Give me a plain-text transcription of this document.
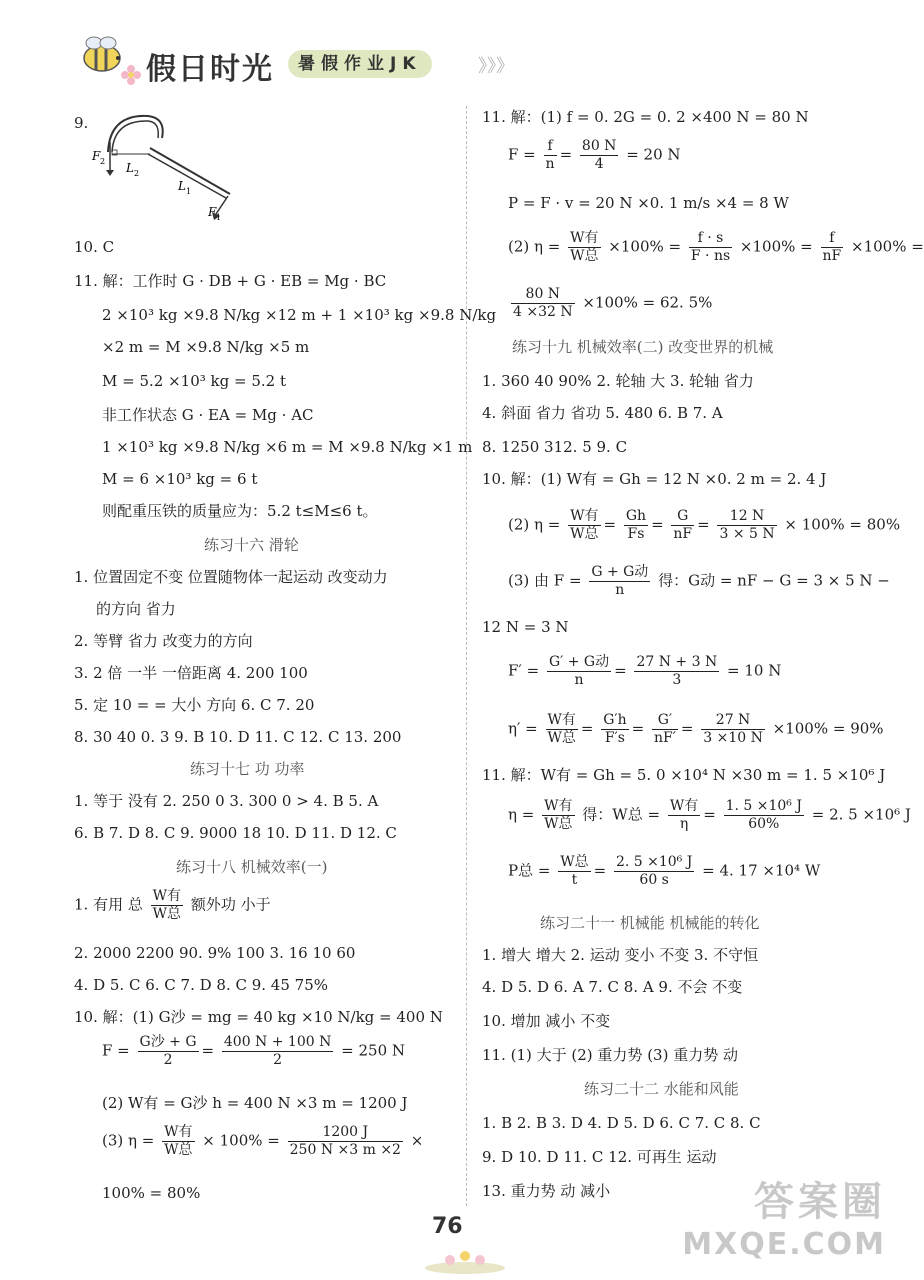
假日时光	暑假作业JK	》》》
9.
F 2 L 2
L 1
F 1
10. C
11. 解：工作时 G · DB + G · EB = Mg · BC
2 ×10³ kg ×9.8 N/kg ×12 m + 1 ×10³ kg ×9.8 N/kg
×2 m = M ×9.8 N/kg ×5 m
M = 5.2 ×10³ kg = 5.2 t
非工作状态 G · EA = Mg · AC
1 ×10³ kg ×9.8 N/kg ×6 m = M ×9.8 N/kg ×1 m
M = 6 ×10³ kg = 6 t
则配重压铁的质量应为：5.2 t≤M≤6 t。
练习十六 滑轮
1. 位置固定不变 位置随物体一起运动 改变动力
的方向 省力
2. 等臂 省力 改变力的方向
3. 2 倍 一半 一倍距离 4. 200 100
5. 定 10 = = 大小 方向 6. C 7. 20
8. 30 40 0. 3 9. B 10. D 11. C 12. C 13. 200
练习十七 功 功率
1. 等于 没有 2. 250 0 3. 300 0 > 4. B 5. A
6. B 7. D 8. C 9. 9000 18 10. D 11. D 12. C
练习十八 机械效率(一)
1. 有用 总 $\frac{\text{W有}}{\text{W总}}$ 额外功 小于
2. 2000 2200 90. 9% 100 3. 16 10 60
4. D 5. C 6. C 7. D 8. C 9. 45 75%
10. 解：(1) G沙 = mg = 40 kg ×10 N/kg = 400 N
$F = \frac{\text{G沙 + G}}{2} = \frac{400 N + 100 N}{2} = 250$ N
(2) W有 = G沙 h = 400 N ×3 m = 1200 J
(3) $\eta = \frac{\text{W有}}{\text{W总}} \times 100\% = \frac{1200 J}{250 N \times 3 m \times 2}$ ×
100% = 80%
11. 解：(1) f = 0. 2G = 0. 2 ×400 N = 80 N
$F = \frac{f}{n} = \frac{80 N}{4} = 20$ N
P = F · v = 20 N ×0. 1 m/s ×4 = 8 W
(2) $\eta = \frac{\text{W有}}{\text{W总}} \times 100\% = \frac{f \cdot s}{F \cdot ns} \times 100\% = \frac{f}{nF} \times 100\%$ =
$\frac{80 N}{4 \times 32 N} \times 100\% = 62$. 5%
练习十九 机械效率(二) 改变世界的机械
1. 360 40 90% 2. 轮轴 大 3. 轮轴 省力
4. 斜面 省力 省功 5. 480 6. B 7. A
8. 1250 312. 5 9. C
10. 解：(1) W有 = Gh = 12 N ×0. 2 m = 2. 4 J
(2) $\eta = \frac{\text{W有}}{\text{W总}} = \frac{Gh}{Fs} = \frac{G}{nF} = \frac{12 N}{3 \times 5 N} \times 100\% = 80\%$
(3) 由 $F = \frac{\text{G + G动}}{n}$ 得：G动 = nF − G = 3 × 5 N −
12 N = 3 N
$F' = \frac{\text{G′ + G动}}{n} = \frac{27 N + 3 N}{3} = 10$ N
$\eta' = \frac{\text{W有}}{\text{W总}} = \frac{G'h}{F's} = \frac{G'}{nF'} = \frac{27 N}{3 \times 10 N} \times 100\% = 90\%$
11. 解：W有 = Gh = 5. 0 ×10⁴ N ×30 m = 1. 5 ×10⁶ J
$\eta = \frac{\text{W有}}{\text{W总}}$ 得：W总 = $\frac{\text{W有}}{\eta} = \frac{\text{1. 5 ×10⁶ J}}{60\%} = 2$. 5 ×10⁶ J
P总 = $\frac{\text{W总}}{t} = \frac{\text{2. 5 ×10⁶ J}}{60 s} = 4$. 17 ×10⁴ W
练习二十一 机械能 机械能的转化
1. 增大 增大 2. 运动 变小 不变 3. 不守恒
4. D 5. D 6. A 7. C 8. A 9. 不会 不变
10. 增加 减小 不变
11. (1) 大于 (2) 重力势 (3) 重力势 动
练习二十二 水能和风能
1. B 2. B 3. D 4. D 5. D 6. C 7. C 8. C
9. D 10. D 11. C 12. 可再生 运动
13. 重力势 动 减小
76
答案圈
MXQE.COM
